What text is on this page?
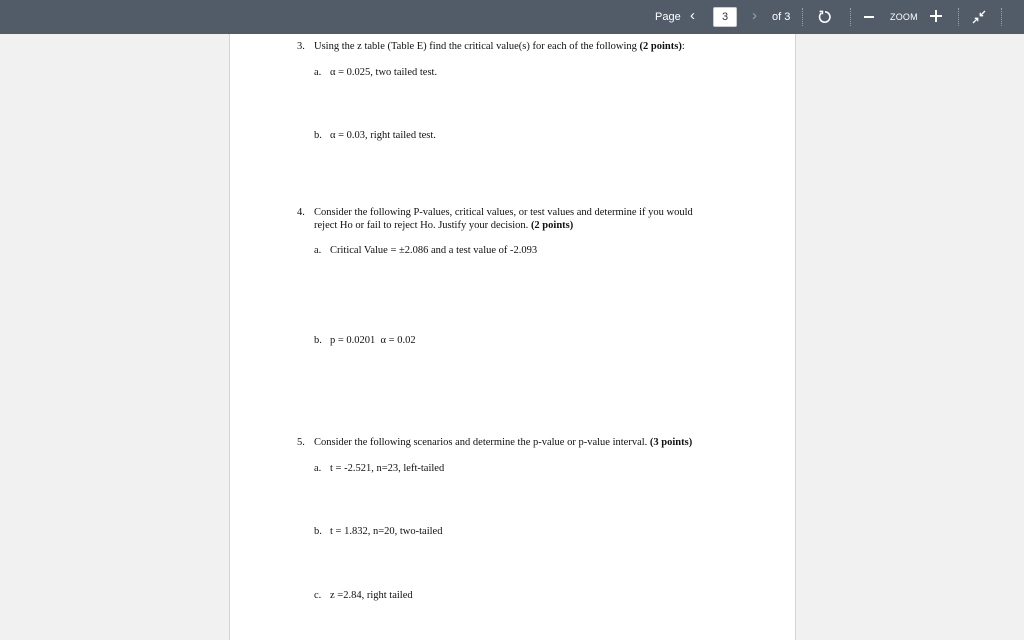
Page ‹
3	› of 3	ZOOM
3. Using the z table (Table E) find the critical value(s) for each of the following (2 points):
a. α = 0.025, two tailed test.
b. α = 0.03, right tailed test.
4. Consider the following P-values, critical values, or test values and determine if you would
reject Ho or fail to reject Ho. Justify your decision. (2 points)
a. Critical Value = ±2.086 and a test value of -2.093
b. p = 0.0201  α = 0.02
5. Consider the following scenarios and determine the p-value or p-value interval. (3 points)
a. t = -2.521, n=23, left-tailed
b. t = 1.832, n=20, two-tailed
c. z =2.84, right tailed
